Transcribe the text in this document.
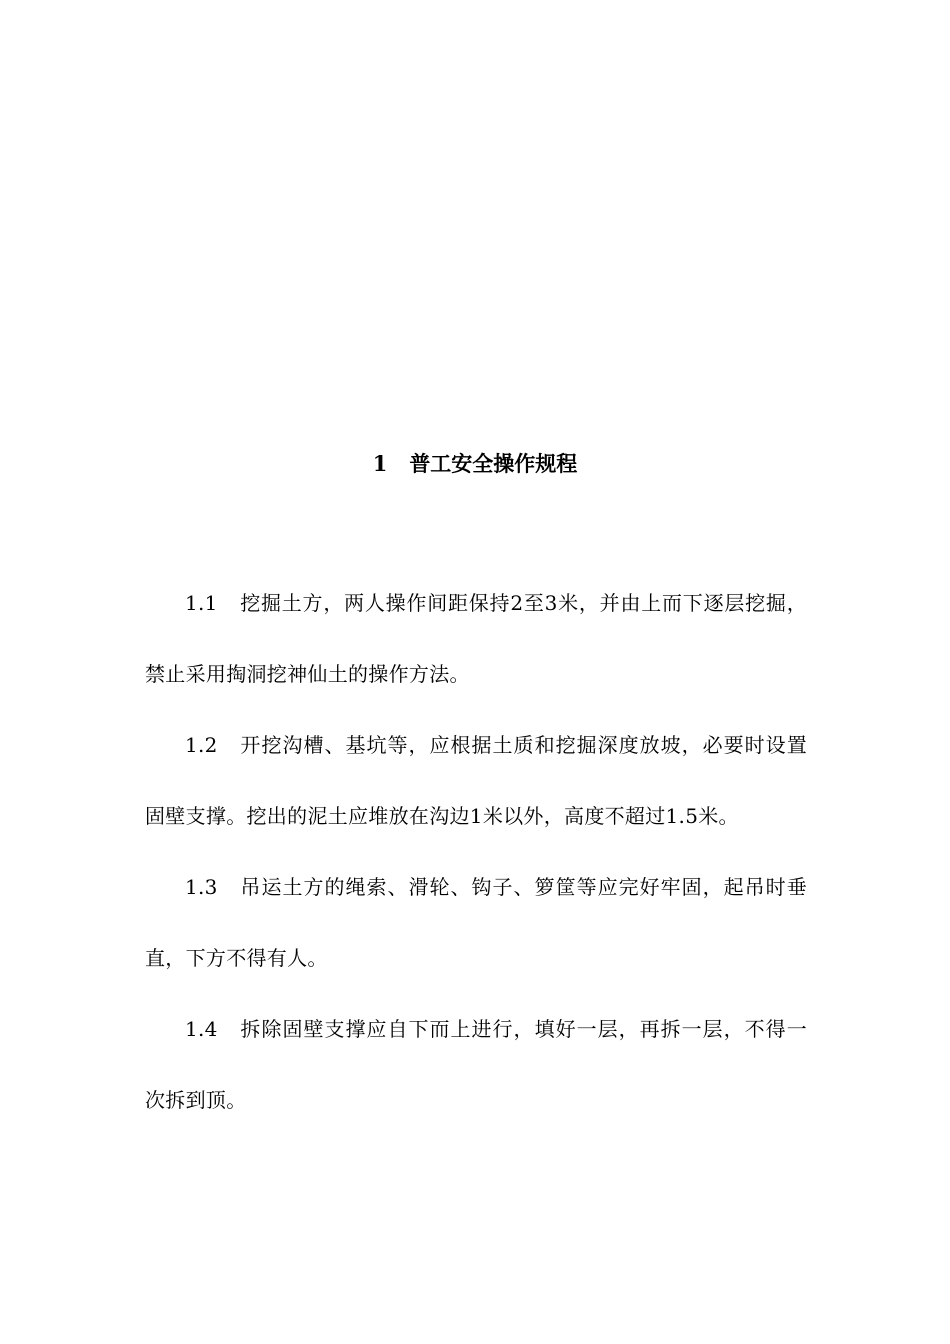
1 普工安全操作规程

1.1 挖掘土方，两人操作间距保持2至3米，并由上而下逐层挖掘，禁止采用掏洞挖神仙土的操作方法。

1.2 开挖沟槽、基坑等，应根据土质和挖掘深度放坡，必要时设置固壁支撑。挖出的泥土应堆放在沟边1米以外，高度不超过1.5米。

1.3 吊运土方的绳索、滑轮、钩子、箩筐等应完好牢固，起吊时垂直，下方不得有人。

1.4 拆除固壁支撑应自下而上进行，填好一层，再拆一层，不得一次拆到顶。
